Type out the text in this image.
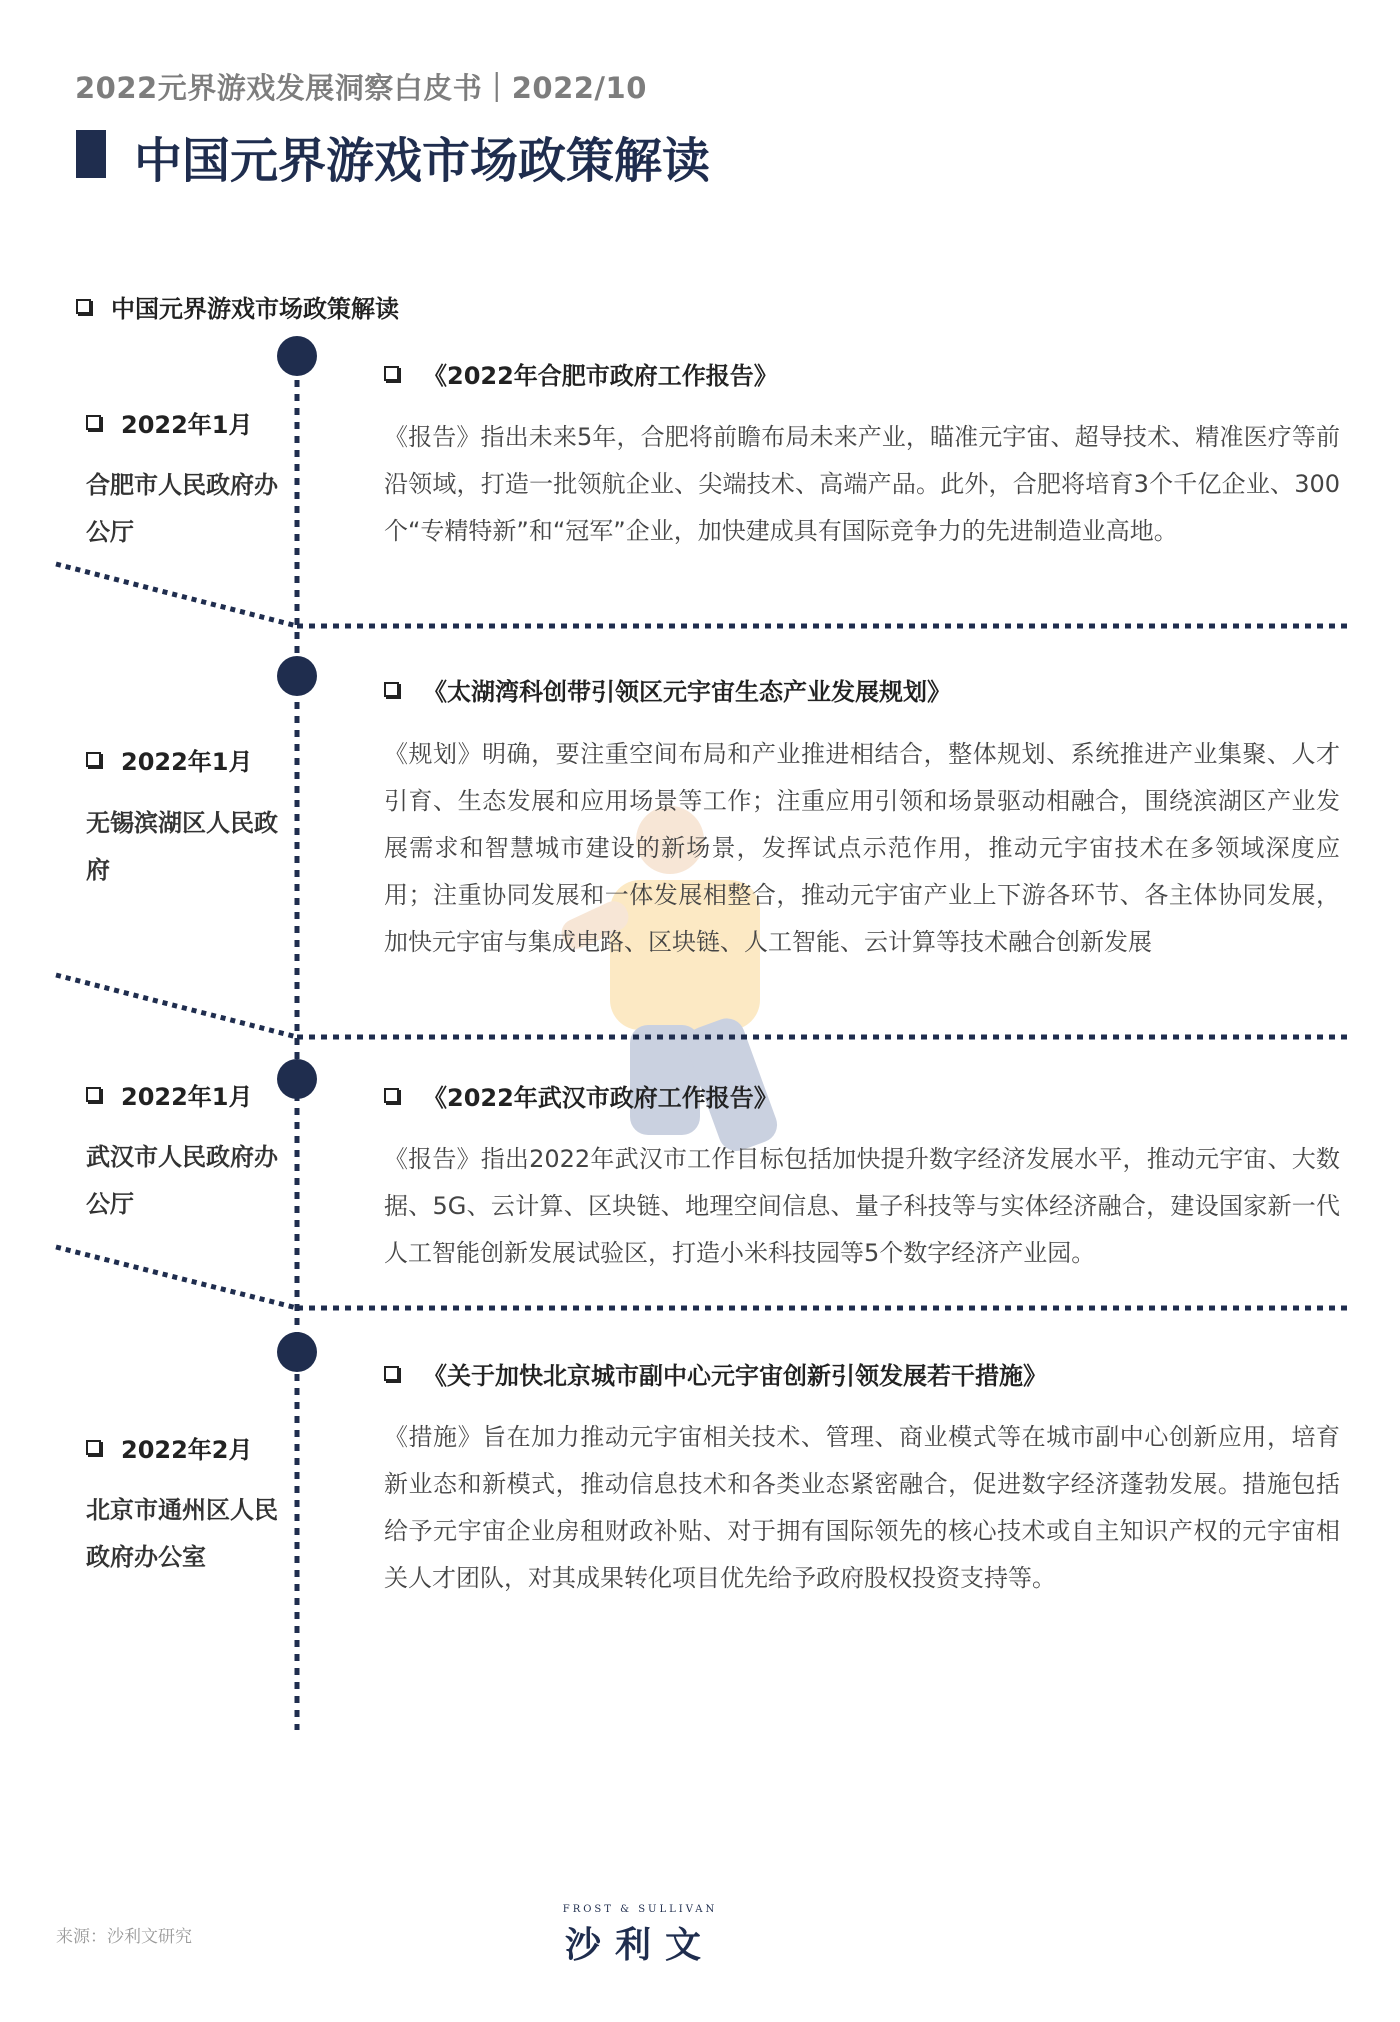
2022元界游戏发展洞察白皮书｜2022/10
中国元界游戏市场政策解读
中国元界游戏市场政策解读
2022年1月
合肥市人民政府办公厅
《2022年合肥市政府工作报告》
《报告》指出未来5年，合肥将前瞻布局未来产业，瞄准元宇宙、超导技术、精准医疗等前沿领域，打造一批领航企业、尖端技术、高端产品。此外，合肥将培育3个千亿企业、300个“专精特新”和“冠军”企业，加快建成具有国际竞争力的先进制造业高地。
2022年1月
无锡滨湖区人民政府
《太湖湾科创带引领区元宇宙生态产业发展规划》
《规划》明确，要注重空间布局和产业推进相结合，整体规划、系统推进产业集聚、人才引育、生态发展和应用场景等工作；注重应用引领和场景驱动相融合，围绕滨湖区产业发展需求和智慧城市建设的新场景，发挥试点示范作用，推动元宇宙技术在多领域深度应用；注重协同发展和一体发展相整合，推动元宇宙产业上下游各环节、各主体协同发展，加快元宇宙与集成电路、区块链、人工智能、云计算等技术融合创新发展
2022年1月
武汉市人民政府办公厅
《2022年武汉市政府工作报告》
《报告》指出2022年武汉市工作目标包括加快提升数字经济发展水平，推动元宇宙、大数据、5G、云计算、区块链、地理空间信息、量子科技等与实体经济融合，建设国家新一代人工智能创新发展试验区，打造小米科技园等5个数字经济产业园。
2022年2月
北京市通州区人民政府办公室
《关于加快北京城市副中心元宇宙创新引领发展若干措施》
《措施》旨在加力推动元宇宙相关技术、管理、商业模式等在城市副中心创新应用，培育新业态和新模式，推动信息技术和各类业态紧密融合，促进数字经济蓬勃发展。措施包括给予元宇宙企业房租财政补贴、对于拥有国际领先的核心技术或自主知识产权的元宇宙相关人才团队，对其成果转化项目优先给予政府股权投资支持等。
来源：沙利文研究
FROST & SULLIVAN
沙利文
